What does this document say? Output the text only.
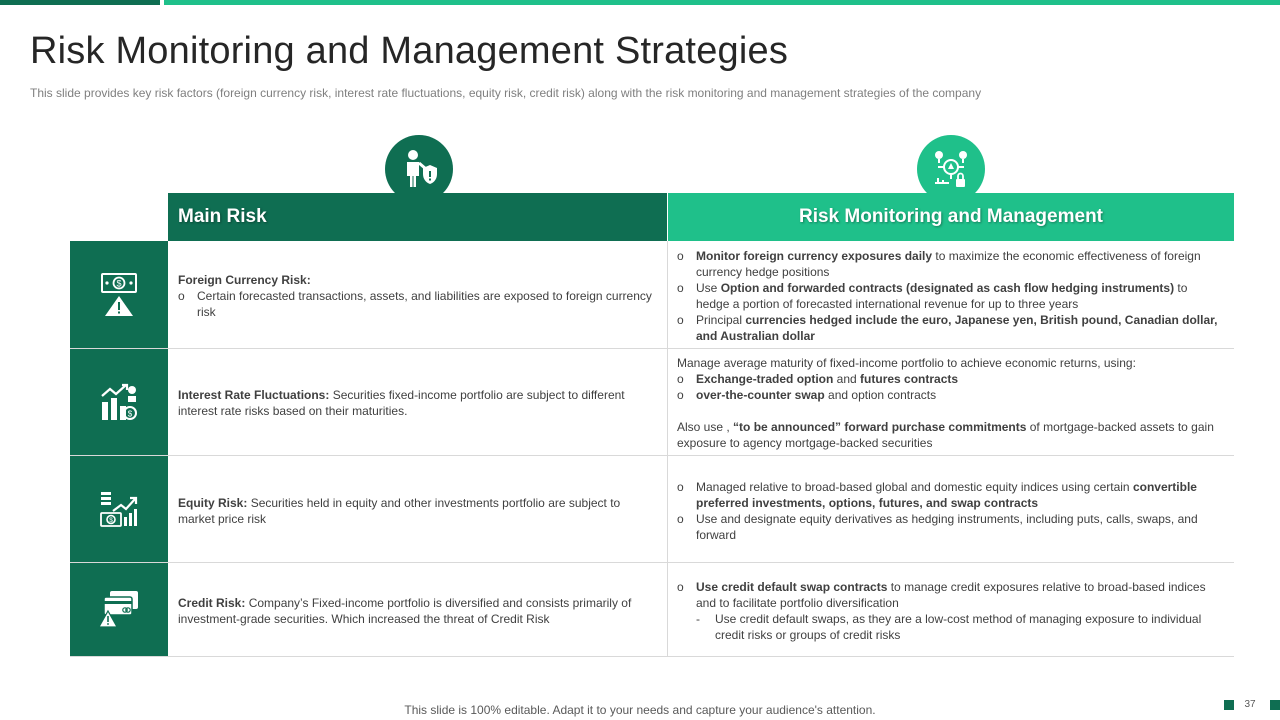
Risk Monitoring and Management Strategies
This slide provides key risk factors (foreign currency risk, interest rate fluctuations, equity risk, credit risk) along with the risk monitoring and management strategies of the company
Main Risk	Risk Monitoring and Management
$
$
$
Foreign Currency Risk:
o Certain forecasted transactions, assets, and liabilities are exposed to foreign currency risk
o Monitor foreign currency exposures daily to maximize the economic effectiveness of foreign currency hedge positions
o Use Option and forwarded contracts (designated as cash flow hedging instruments) to hedge a portion of forecasted international revenue for up to three years
o Principal currencies hedged include the euro, Japanese yen, British pound, Canadian dollar, and Australian dollar
Interest Rate Fluctuations: Securities fixed-income portfolio are subject to different interest rate risks based on their maturities.
Manage average maturity of fixed-income portfolio to achieve economic returns, using:
o Exchange-traded option and futures contracts
o over-the-counter swap and option contracts
Also use , “to be announced” forward purchase commitments of mortgage-backed assets to gain exposure to agency mortgage-backed securities
Equity Risk: Securities held in equity and other investments portfolio are subject to market price risk
o Managed relative to broad-based global and domestic equity indices using certain convertible preferred investments, options, futures, and swap contracts
o Use and designate equity derivatives as hedging instruments, including puts, calls, swaps, and forward
Credit Risk: Company’s Fixed-income portfolio is diversified and consists primarily of investment-grade securities. Which increased the threat of Credit Risk
o Use credit default swap contracts to manage credit exposures relative to broad-based indices and to facilitate portfolio diversification
- Use credit default swaps, as they are a low-cost method of managing exposure to individual credit risks or groups of credit risks
This slide is 100% editable. Adapt it to your needs and capture your audience's attention.	37
